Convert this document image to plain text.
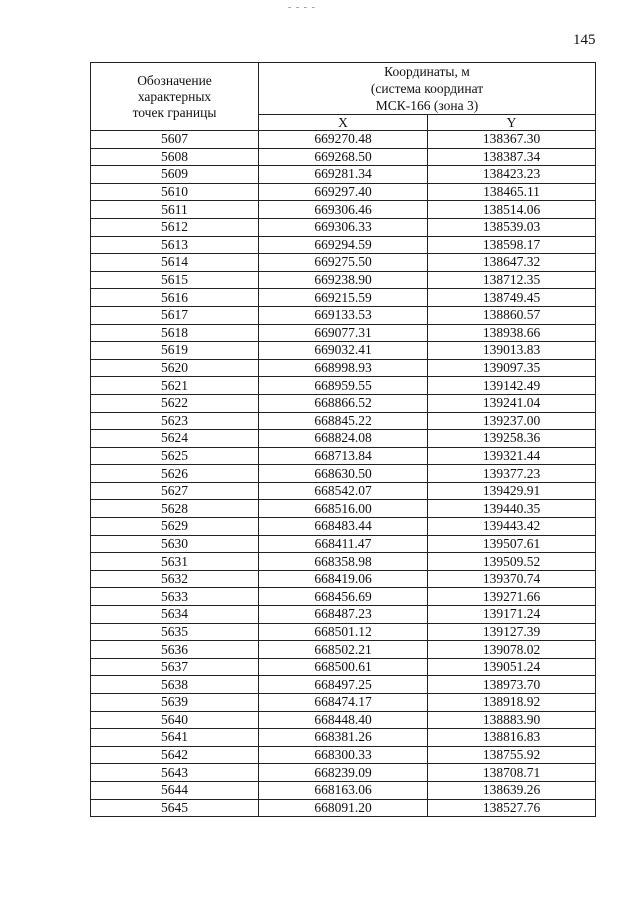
- - - -
145
Обозначение
характерных
точек границы	Координаты, м
(система координат
МСК-166 (зона 3)	
	X	Y
5607	669270.48	138367.30
5608	669268.50	138387.34
5609	669281.34	138423.23
5610	669297.40	138465.11
5611	669306.46	138514.06
5612	669306.33	138539.03
5613	669294.59	138598.17
5614	669275.50	138647.32
5615	669238.90	138712.35
5616	669215.59	138749.45
5617	669133.53	138860.57
5618	669077.31	138938.66
5619	669032.41	139013.83
5620	668998.93	139097.35
5621	668959.55	139142.49
5622	668866.52	139241.04
5623	668845.22	139237.00
5624	668824.08	139258.36
5625	668713.84	139321.44
5626	668630.50	139377.23
5627	668542.07	139429.91
5628	668516.00	139440.35
5629	668483.44	139443.42
5630	668411.47	139507.61
5631	668358.98	139509.52
5632	668419.06	139370.74
5633	668456.69	139271.66
5634	668487.23	139171.24
5635	668501.12	139127.39
5636	668502.21	139078.02
5637	668500.61	139051.24
5638	668497.25	138973.70
5639	668474.17	138918.92
5640	668448.40	138883.90
5641	668381.26	138816.83
5642	668300.33	138755.92
5643	668239.09	138708.71
5644	668163.06	138639.26
5645	668091.20	138527.76
